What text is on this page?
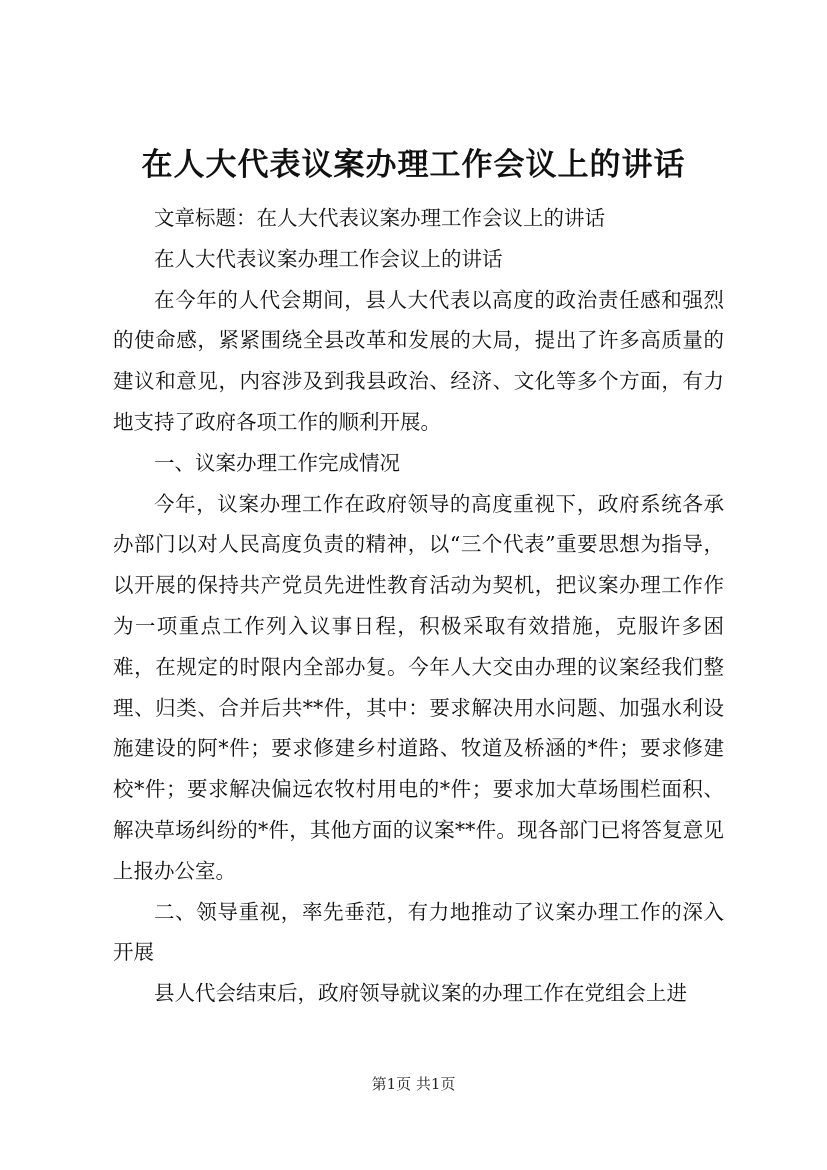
在人大代表议案办理工作会议上的讲话

文章标题：在人大代表议案办理工作会议上的讲话

在人大代表议案办理工作会议上的讲话

在今年的人代会期间，县人大代表以高度的政治责任感和强烈的使命感，紧紧围绕全县改革和发展的大局，提出了许多高质量的建议和意见，内容涉及到我县政治、经济、文化等多个方面，有力地支持了政府各项工作的顺利开展。

一、议案办理工作完成情况

今年，议案办理工作在政府领导的高度重视下，政府系统各承办部门以对人民高度负责的精神，以“三个代表”重要思想为指导，以开展的保持共产党员先进性教育活动为契机，把议案办理工作作为一项重点工作列入议事日程，积极采取有效措施，克服许多困难，在规定的时限内全部办复。今年人大交由办理的议案经我们整理、归类、合并后共**件，其中：要求解决用水问题、加强水利设施建设的阿*件；要求修建乡村道路、牧道及桥涵的*件；要求修建校*件；要求解决偏远农牧村用电的*件；要求加大草场围栏面积、解决草场纠纷的*件，其他方面的议案**件。现各部门已将答复意见上报办公室。

二、领导重视，率先垂范，有力地推动了议案办理工作的深入开展

县人代会结束后，政府领导就议案的办理工作在党组会上进

第1页 共1页
